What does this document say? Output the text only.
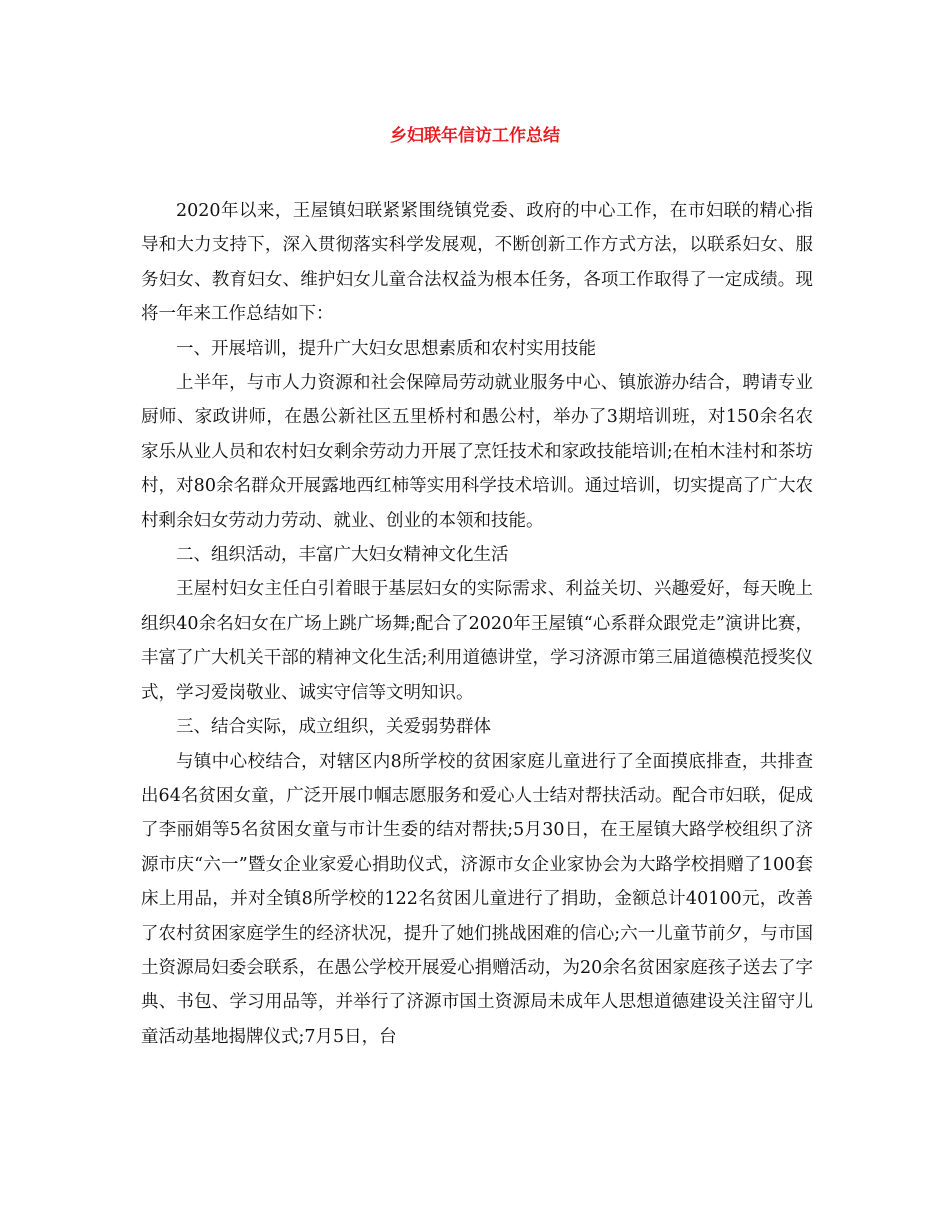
乡妇联年信访工作总结

2020年以来，王屋镇妇联紧紧围绕镇党委、政府的中心工作，在市妇联的精心指导和大力支持下，深入贯彻落实科学发展观，不断创新工作方式方法，以联系妇女、服务妇女、教育妇女、维护妇女儿童合法权益为根本任务，各项工作取得了一定成绩。现将一年来工作总结如下：

一、开展培训，提升广大妇女思想素质和农村实用技能

上半年，与市人力资源和社会保障局劳动就业服务中心、镇旅游办结合，聘请专业厨师、家政讲师，在愚公新社区五里桥村和愚公村，举办了3期培训班，对150余名农家乐从业人员和农村妇女剩余劳动力开展了烹饪技术和家政技能培训;在柏木洼村和茶坊村，对80余名群众开展露地西红柿等实用科学技术培训。通过培训，切实提高了广大农村剩余妇女劳动力劳动、就业、创业的本领和技能。

二、组织活动，丰富广大妇女精神文化生活

王屋村妇女主任白引着眼于基层妇女的实际需求、利益关切、兴趣爱好，每天晚上组织40余名妇女在广场上跳广场舞;配合了2020年王屋镇“心系群众跟党走”演讲比赛，丰富了广大机关干部的精神文化生活;利用道德讲堂，学习济源市第三届道德模范授奖仪式，学习爱岗敬业、诚实守信等文明知识。

三、结合实际，成立组织，关爱弱势群体

与镇中心校结合，对辖区内8所学校的贫困家庭儿童进行了全面摸底排查，共排查出64名贫困女童，广泛开展巾帼志愿服务和爱心人士结对帮扶活动。配合市妇联，促成了李丽娟等5名贫困女童与市计生委的结对帮扶;5月30日，在王屋镇大路学校组织了济源市庆“六一”暨女企业家爱心捐助仪式，济源市女企业家协会为大路学校捐赠了100套床上用品，并对全镇8所学校的122名贫困儿童进行了捐助，金额总计40100元，改善了农村贫困家庭学生的经济状况，提升了她们挑战困难的信心;六一儿童节前夕，与市国土资源局妇委会联系，在愚公学校开展爱心捐赠活动，为20余名贫困家庭孩子送去了字典、书包、学习用品等，并举行了济源市国土资源局未成年人思想道德建设关注留守儿童活动基地揭牌仪式;7月5日，台
